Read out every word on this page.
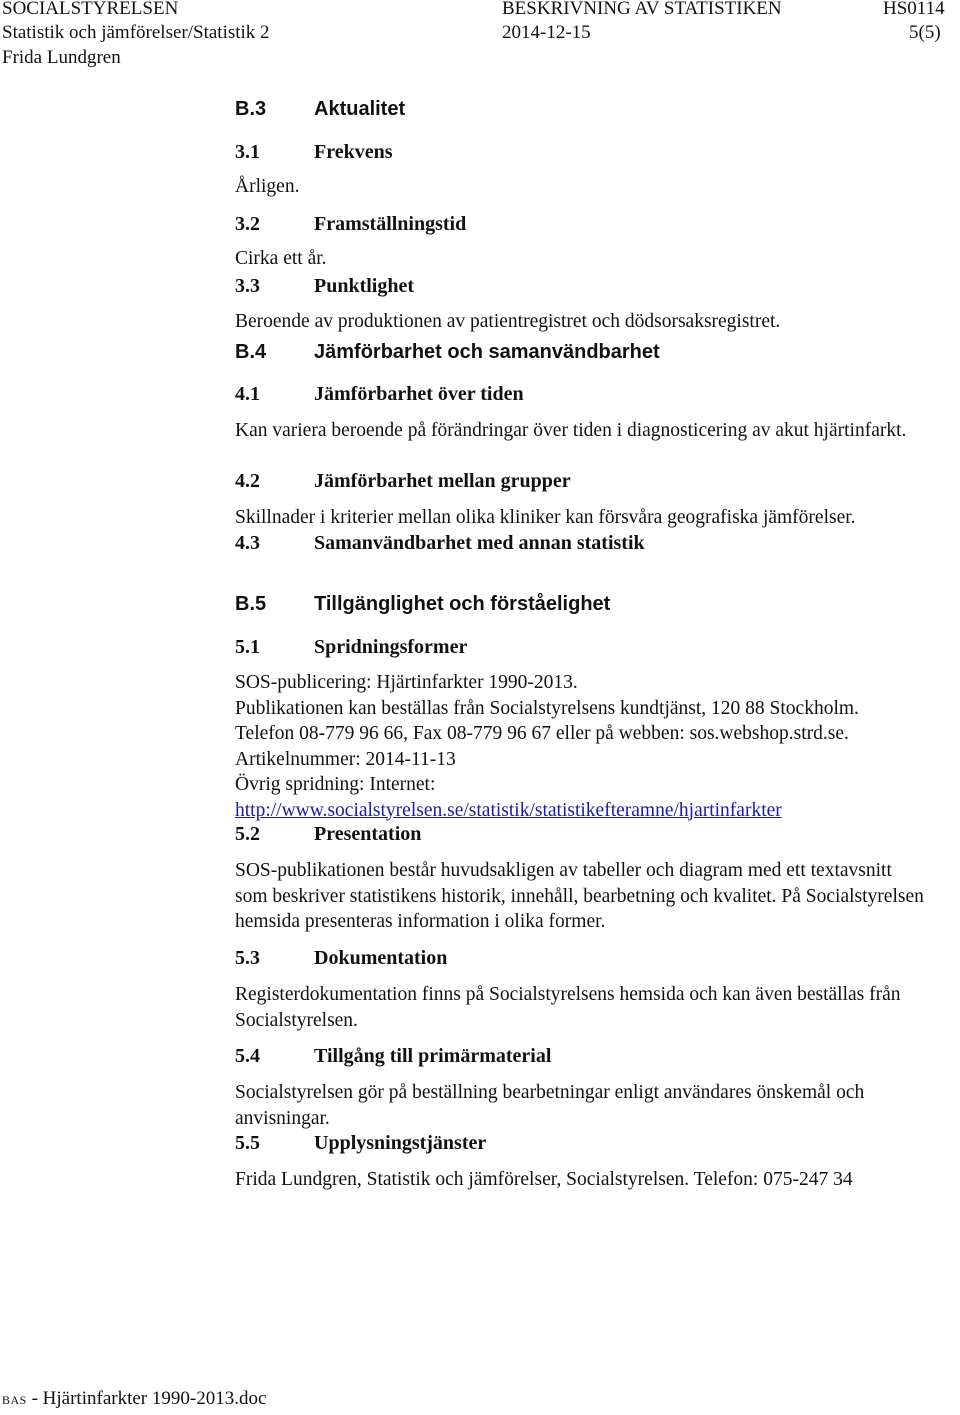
SOCIALSTYRELSEN	BESKRIVNING AV STATISTIKEN	HS0114
Statistik och jämförelser/Statistik 2	2014-12-15	5(5)
Frida Lundgren
B.3 Aktualitet
3.1	Frekvens
Årligen.
3.2	Framställningstid
Cirka ett år.
3.3	Punktlighet
Beroende av produktionen av patientregistret och dödsorsaksregistret.
B.4 Jämförbarhet och samanvändbarhet
4.1	Jämförbarhet över tiden
Kan variera beroende på förändringar över tiden i diagnosticering av akut hjärtinfarkt.
4.2	Jämförbarhet mellan grupper
Skillnader i kriterier mellan olika kliniker kan försvåra geografiska jämförelser.
4.3	Samanvändbarhet med annan statistik
B.5 Tillgänglighet och förståelighet
5.1	Spridningsformer
SOS-publicering: Hjärtinfarkter 1990-2013.
Publikationen kan beställas från Socialstyrelsens kundtjänst, 120 88 Stockholm.
Telefon 08-779 96 66, Fax 08-779 96 67 eller på webben: sos.webshop.strd.se.
Artikelnummer: 2014-11-13
Övrig spridning: Internet:
http://www.socialstyrelsen.se/statistik/statistikefteramne/hjartinfarkter
5.2	Presentation
SOS-publikationen består huvudsakligen av tabeller och diagram med ett textavsnitt som beskriver statistikens historik, innehåll, bearbetning och kvalitet. På Socialstyrelsen hemsida presenteras information i olika former.
5.3	Dokumentation
Registerdokumentation finns på Socialstyrelsens hemsida och kan även beställas från Socialstyrelsen.
5.4	Tillgång till primärmaterial
Socialstyrelsen gör på beställning bearbetningar enligt användares önskemål och anvisningar.
5.5	Upplysningstjänster
Frida Lundgren, Statistik och jämförelser, Socialstyrelsen. Telefon: 075-247 34
BAS - Hjärtinfarkter 1990-2013.doc
